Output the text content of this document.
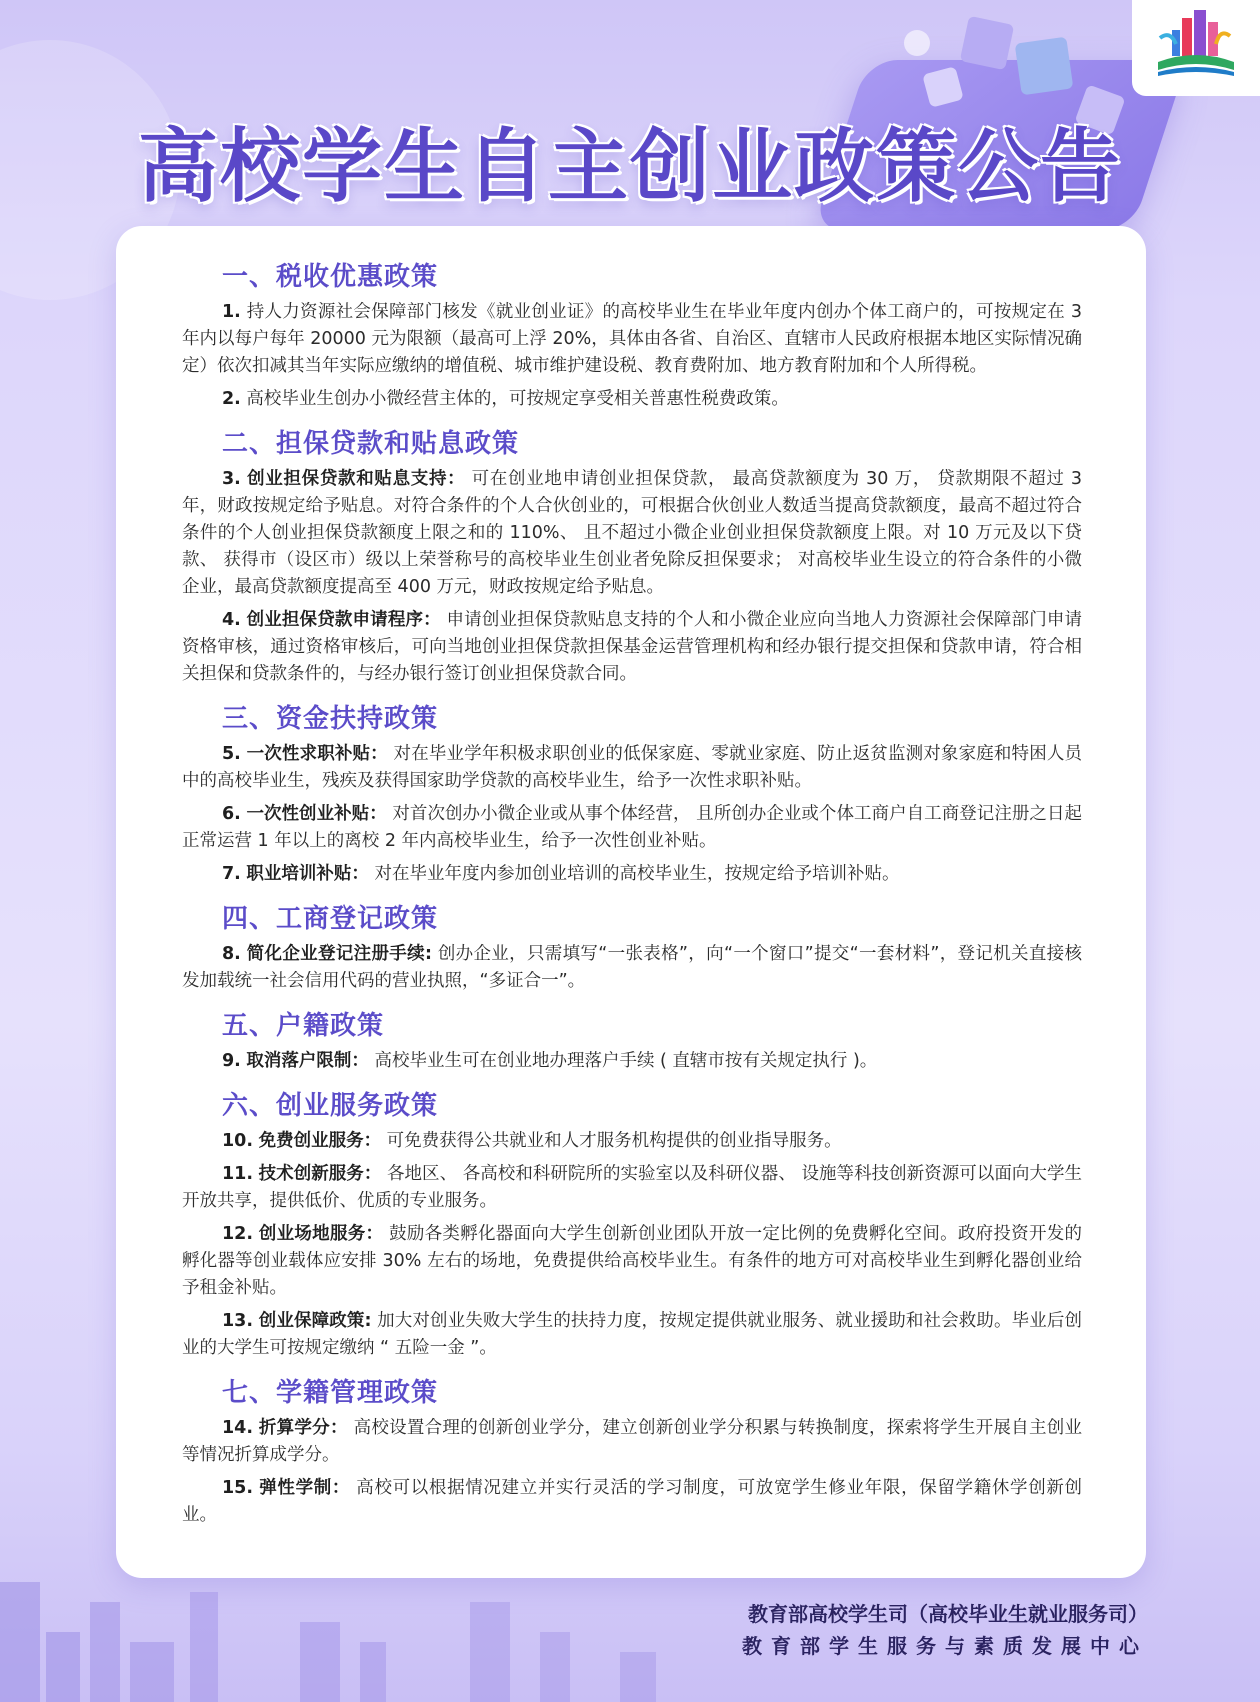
高校学生自主创业政策公告
一、税收优惠政策

1. 持人力资源社会保障部门核发《就业创业证》的高校毕业生在毕业年度内创办个体工商户的，可按规定在 3 年内以每户每年 20000 元为限额（最高可上浮 20%，具体由各省、自治区、直辖市人民政府根据本地区实际情况确定）依次扣减其当年实际应缴纳的增值税、城市维护建设税、教育费附加、地方教育附加和个人所得税。

2. 高校毕业生创办小微经营主体的，可按规定享受相关普惠性税费政策。

二、担保贷款和贴息政策

3. 创业担保贷款和贴息支持： 可在创业地申请创业担保贷款， 最高贷款额度为 30 万， 贷款期限不超过 3 年，财政按规定给予贴息。对符合条件的个人合伙创业的，可根据合伙创业人数适当提高贷款额度，最高不超过符合条件的个人创业担保贷款额度上限之和的 110%、 且不超过小微企业创业担保贷款额度上限。对 10 万元及以下贷款、 获得市（设区市）级以上荣誉称号的高校毕业生创业者免除反担保要求； 对高校毕业生设立的符合条件的小微企业，最高贷款额度提高至 400 万元，财政按规定给予贴息。

4. 创业担保贷款申请程序： 申请创业担保贷款贴息支持的个人和小微企业应向当地人力资源社会保障部门申请资格审核，通过资格审核后，可向当地创业担保贷款担保基金运营管理机构和经办银行提交担保和贷款申请，符合相关担保和贷款条件的，与经办银行签订创业担保贷款合同。

三、资金扶持政策

5. 一次性求职补贴： 对在毕业学年积极求职创业的低保家庭、零就业家庭、防止返贫监测对象家庭和特困人员中的高校毕业生，残疾及获得国家助学贷款的高校毕业生，给予一次性求职补贴。

6. 一次性创业补贴： 对首次创办小微企业或从事个体经营， 且所创办企业或个体工商户自工商登记注册之日起正常运营 1 年以上的离校 2 年内高校毕业生，给予一次性创业补贴。

7. 职业培训补贴： 对在毕业年度内参加创业培训的高校毕业生，按规定给予培训补贴。

四、工商登记政策

8. 简化企业登记注册手续: 创办企业，只需填写“一张表格”，向“一个窗口”提交“一套材料”，登记机关直接核发加载统一社会信用代码的营业执照，“多证合一”。

五、户籍政策

9. 取消落户限制： 高校毕业生可在创业地办理落户手续 ( 直辖市按有关规定执行 )。

六、创业服务政策

10. 免费创业服务： 可免费获得公共就业和人才服务机构提供的创业指导服务。

11. 技术创新服务： 各地区、 各高校和科研院所的实验室以及科研仪器、 设施等科技创新资源可以面向大学生开放共享，提供低价、优质的专业服务。

12. 创业场地服务： 鼓励各类孵化器面向大学生创新创业团队开放一定比例的免费孵化空间。政府投资开发的孵化器等创业载体应安排 30% 左右的场地，免费提供给高校毕业生。有条件的地方可对高校毕业生到孵化器创业给予租金补贴。

13. 创业保障政策: 加大对创业失败大学生的扶持力度，按规定提供就业服务、就业援助和社会救助。毕业后创业的大学生可按规定缴纳 “ 五险一金 ”。

七、学籍管理政策

14. 折算学分： 高校设置合理的创新创业学分，建立创新创业学分积累与转换制度，探索将学生开展自主创业等情况折算成学分。

15. 弹性学制： 高校可以根据情况建立并实行灵活的学习制度，可放宽学生修业年限，保留学籍休学创新创业。

教育部高校学生司（高校毕业生就业服务司）
教育部学生服务与素质发展中心
